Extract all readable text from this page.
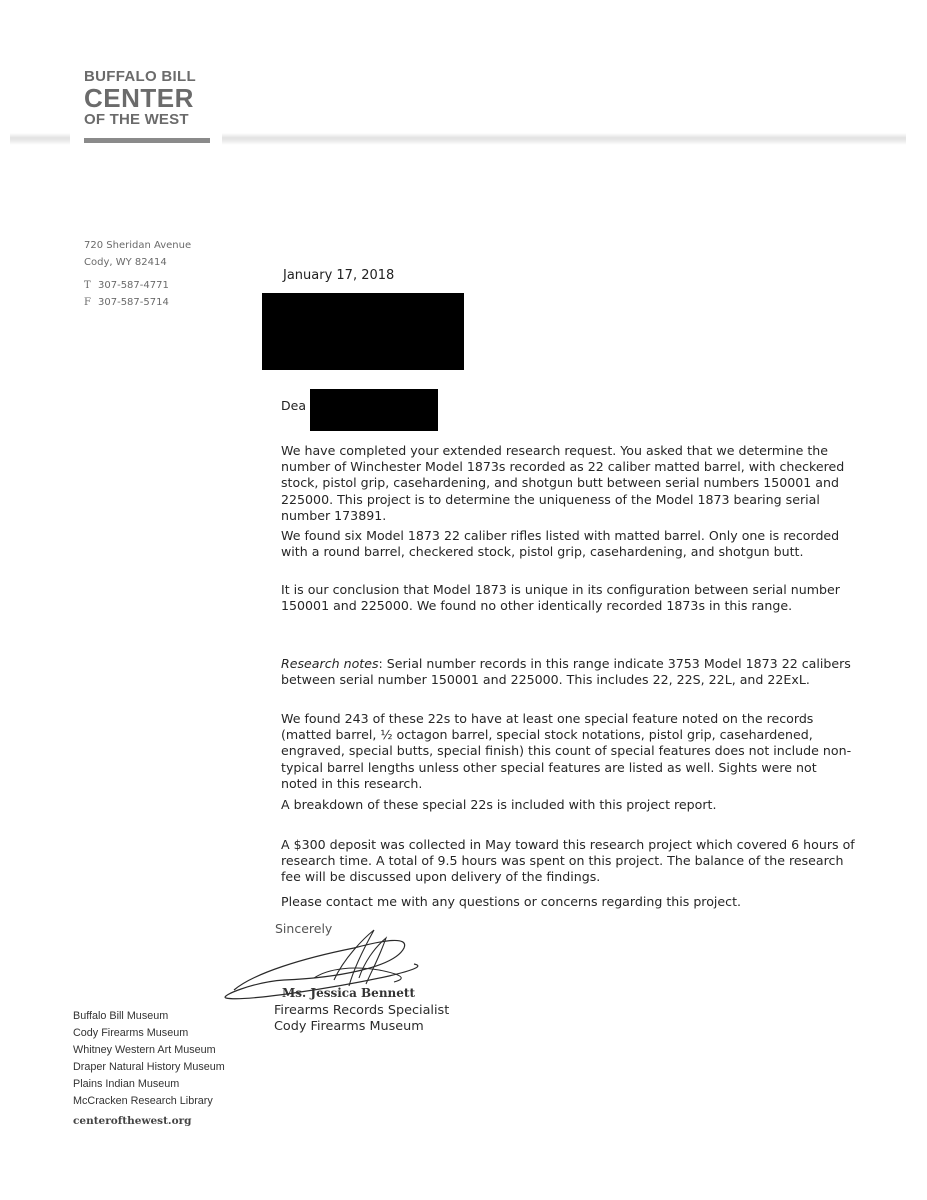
BUFFALO BILL
CENTER
OF THE WEST
720 Sheridan Avenue
Cody, WY 82414
T 307-587-4771
F 307-587-5714
January 17, 2018
Dea

We have completed your extended research request. You asked that we determine the number of Winchester Model 1873s recorded as 22 caliber matted barrel, with checkered stock, pistol grip, casehardening, and shotgun butt between serial numbers 150001 and 225000. This project is to determine the uniqueness of the Model 1873 bearing serial number 173891.

We found six Model 1873 22 caliber rifles listed with matted barrel. Only one is recorded with a round barrel, checkered stock, pistol grip, casehardening, and shotgun butt.

It is our conclusion that Model 1873 is unique in its configuration between serial number 150001 and 225000. We found no other identically recorded 1873s in this range.

Research notes: Serial number records in this range indicate 3753 Model 1873 22 calibers between serial number 150001 and 225000. This includes 22, 22S, 22L, and 22ExL.

We found 243 of these 22s to have at least one special feature noted on the records (matted barrel, ½ octagon barrel, special stock notations, pistol grip, casehardened, engraved, special butts, special finish) this count of special features does not include non-typical barrel lengths unless other special features are listed as well. Sights were not noted in this research.

A breakdown of these special 22s is included with this project report.

A $300 deposit was collected in May toward this research project which covered 6 hours of research time. A total of 9.5 hours was spent on this project. The balance of the research fee will be discussed upon delivery of the findings.

Please contact me with any questions or concerns regarding this project.

Sincerely
Ms. Jessica Bennett
Firearms Records Specialist
Cody Firearms Museum
Buffalo Bill Museum
Cody Firearms Museum
Whitney Western Art Museum
Draper Natural History Museum
Plains Indian Museum
McCracken Research Library
centerofthewest.org
